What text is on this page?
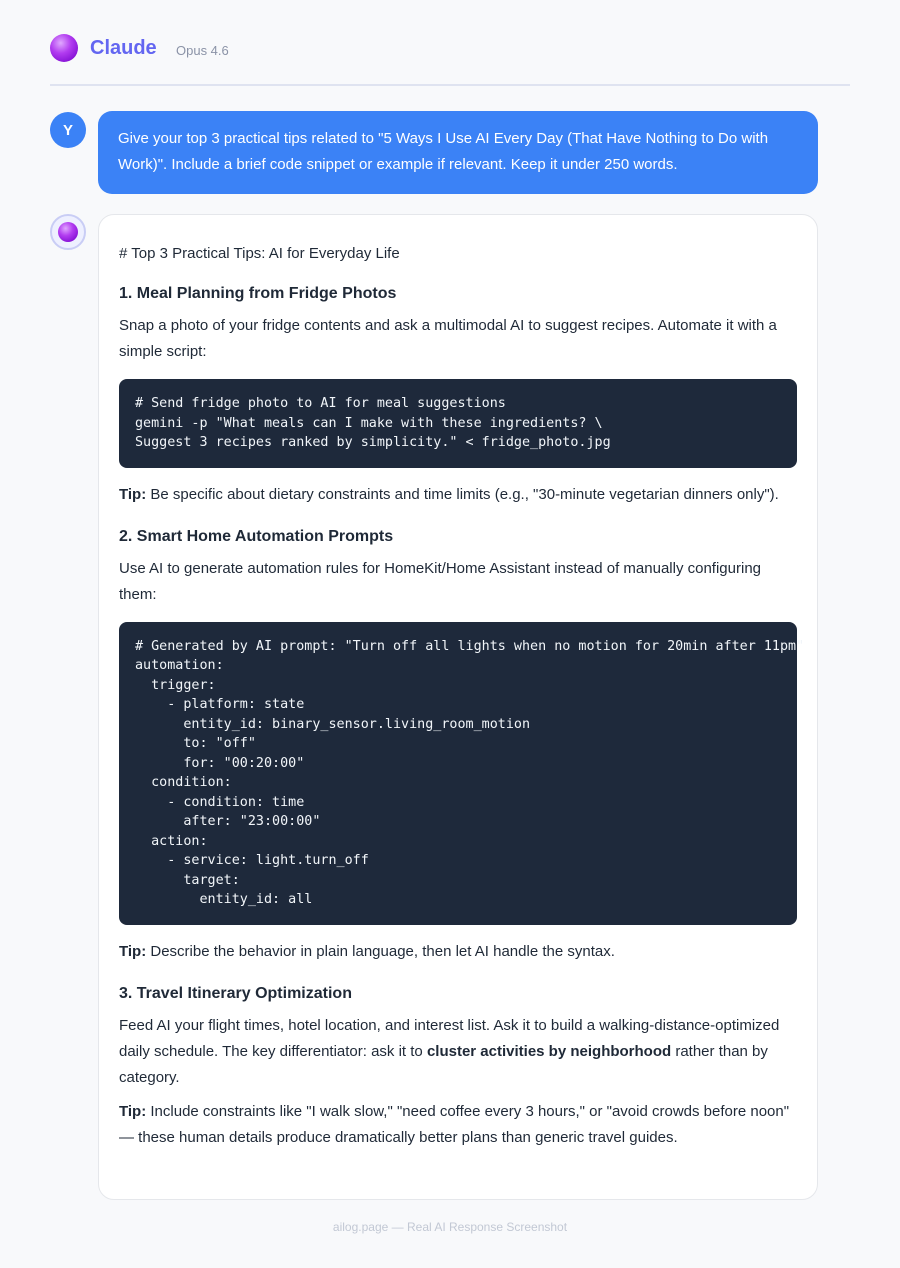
Claude Opus 4.6
Y	Give your top 3 practical tips related to "5 Ways I Use AI Every Day (That Have Nothing to Do with Work)". Include a brief code snippet or example if relevant. Keep it under 250 words.

# Top 3 Practical Tips: AI for Everyday Life

1. Meal Planning from Fridge Photos

Snap a photo of your fridge contents and ask a multimodal AI to suggest recipes. Automate it with a simple script:

# Send fridge photo to AI for meal suggestions
gemini -p "What meals can I make with these ingredients? \
Suggest 3 recipes ranked by simplicity." < fridge_photo.jpg

Tip: Be specific about dietary constraints and time limits (e.g., "30-minute vegetarian dinners only").

2. Smart Home Automation Prompts

Use AI to generate automation rules for HomeKit/Home Assistant instead of manually configuring them:

# Generated by AI prompt: "Turn off all lights when no motion for 20min after 11pm"
automation:
trigger:
- platform: state
entity_id: binary_sensor.living_room_motion
to: "off"
for: "00:20:00"
condition:
- condition: time
after: "23:00:00"
action:
- service: light.turn_off
target:
entity_id: all

Tip: Describe the behavior in plain language, then let AI handle the syntax.

3. Travel Itinerary Optimization

Feed AI your flight times, hotel location, and interest list. Ask it to build a walking-distance-optimized daily schedule. The key differentiator: ask it to cluster activities by neighborhood rather than by category.

Tip: Include constraints like "I walk slow," "need coffee every 3 hours," or "avoid crowds before noon" — these human details produce dramatically better plans than generic travel guides.

ailog.page — Real AI Response Screenshot
